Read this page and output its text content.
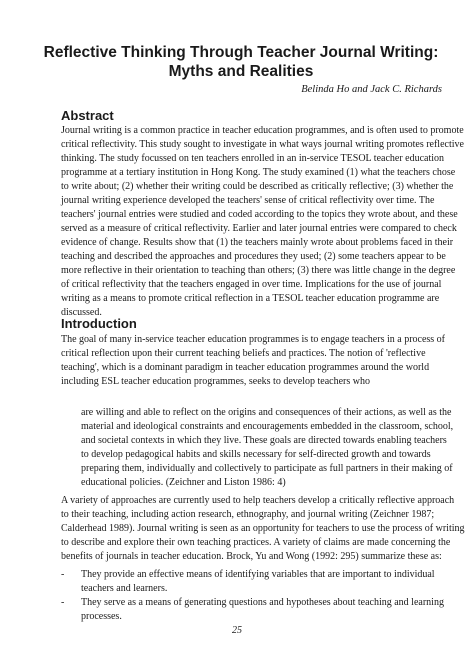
Reflective Thinking Through Teacher Journal Writing:
Myths and Realities

Belinda Ho and Jack C. Richards

Abstract
Journal writing is a common practice in teacher education programmes, and is often used to promote
critical reflectivity. This study sought to investigate in what ways journal writing promotes reflective
thinking. The study focussed on ten teachers enrolled in an in-service TESOL teacher education
programme at a tertiary institution in Hong Kong. The study examined (1) what the teachers chose
to write about; (2) whether their writing could be described as critically reflective; (3) whether the
journal writing experience developed the teachers' sense of critical reflectivity over time. The
teachers' journal entries were studied and coded according to the topics they wrote about, and these
served as a measure of critical reflectivity. Earlier and later journal entries were compared to check
evidence of change. Results show that (1) the teachers mainly wrote about problems faced in their
teaching and described the approaches and procedures they used; (2) some teachers appear to be
more reflective in their orientation to teaching than others; (3) there was little change in the degree
of critical reflectivity that the teachers engaged in over time. Implications for the use of journal
writing as a means to promote critical reflection in a TESOL teacher education programme are
discussed.
Introduction
The goal of many in-service teacher education programmes is to engage teachers in a process of
critical reflection upon their current teaching beliefs and practices. The notion of 'reflective
teaching', which is a dominant paradigm in teacher education programmes around the world
including ESL teacher education programmes, seeks to develop teachers who
are willing and able to reflect on the origins and consequences of their actions, as well as the
material and ideological constraints and encouragements embedded in the classroom, school,
and societal contexts in which they live. These goals are directed towards enabling teachers
to develop pedagogical habits and skills necessary for self-directed growth and towards
preparing them, individually and collectively to participate as full partners in their making of
educational policies. (Zeichner and Liston 1986: 4)
A variety of approaches are currently used to help teachers develop a critically reflective approach
to their teaching, including action research, ethnography, and journal writing (Zeichner 1987;
Calderhead 1989). Journal writing is seen as an opportunity for teachers to use the process of writing
to describe and explore their own teaching practices. A variety of claims are made concerning the
benefits of journals in teacher education. Brock, Yu and Wong (1992: 295) summarize these as:
- They provide an effective means of identifying variables that are important to individual
teachers and learners.
- They serve as a means of generating questions and hypotheses about teaching and learning
processes.
25
